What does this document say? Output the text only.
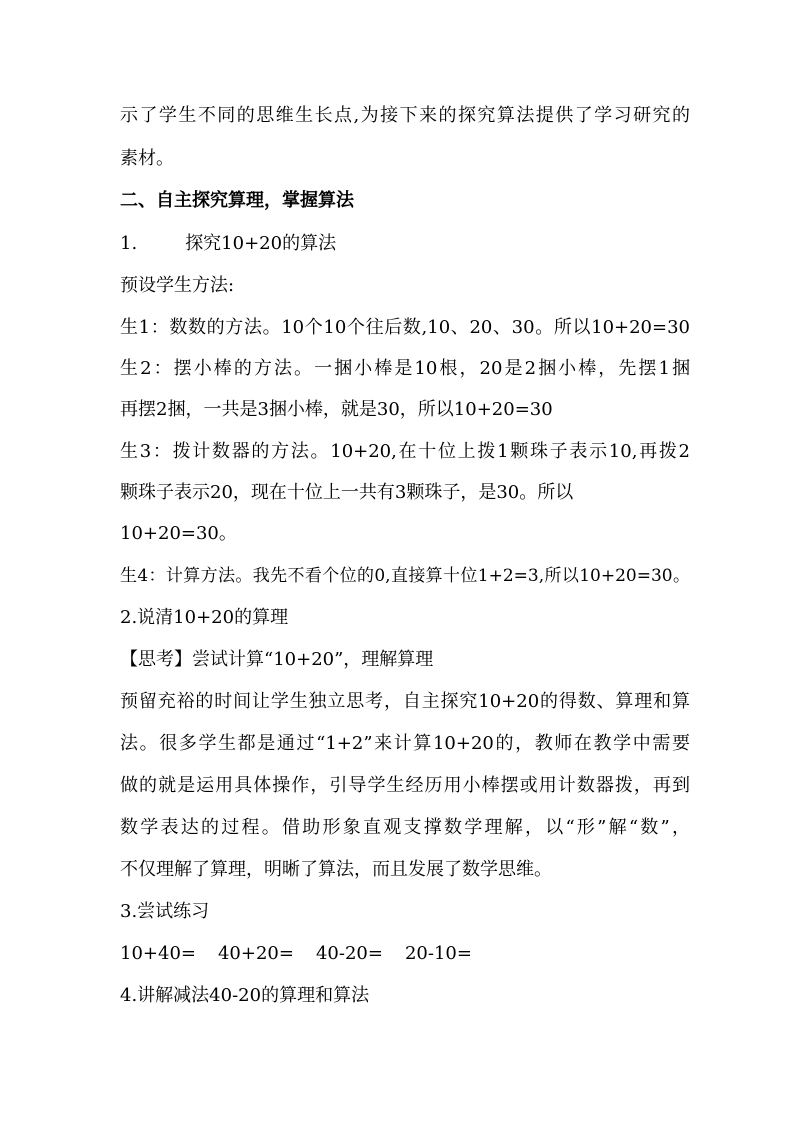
示了学生不同的思维生长点,为接下来的探究算法提供了学习研究的
素材。
二、自主探究算理，掌握算法
1.	探究10+20的算法
预设学生方法:
生1：数数的方法。10个10个往后数,10、20、30。所以10+20=30
生2：摆小棒的方法。一捆小棒是10根，20是2捆小棒，先摆1捆
再摆2捆，一共是3捆小棒，就是30，所以10+20=30
生3：拨计数器的方法。10+20,在十位上拨1颗珠子表示10,再拨2
颗珠子表示20，现在十位上一共有3颗珠子，是30。所以
10+20=30。
生4：计算方法。我先不看个位的0,直接算十位1+2=3,所以10+20=30。
2.说清10+20的算理
【思考】尝试计算“10+20”，理解算理
预留充裕的时间让学生独立思考，自主探究10+20的得数、算理和算
法。很多学生都是通过“1+2”来计算10+20的，教师在教学中需要
做的就是运用具体操作，引导学生经历用小棒摆或用计数器拨，再到
数学表达的过程。借助形象直观支撑数学理解，以“形”解“数”，
不仅理解了算理，明晰了算法，而且发展了数学思维。
3.尝试练习
10+40= 40+20= 40-20= 20-10=
4.讲解减法40-20的算理和算法
